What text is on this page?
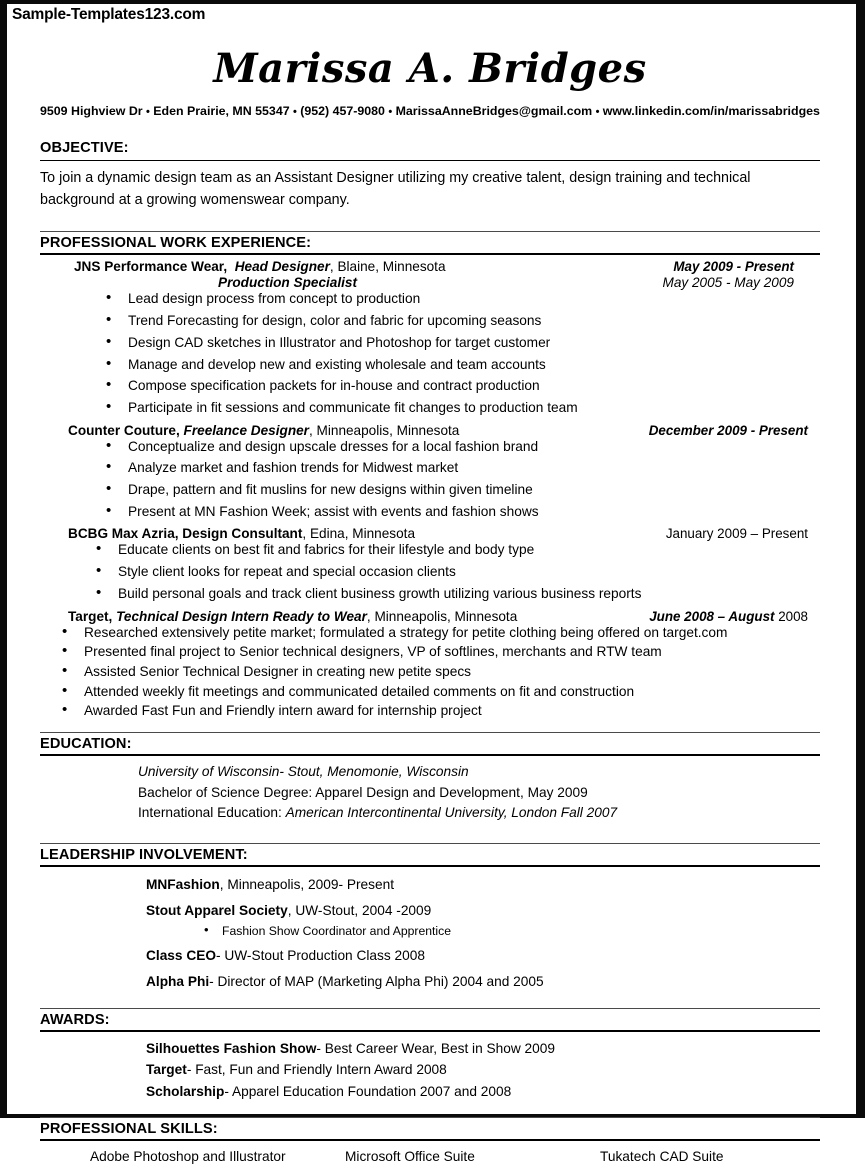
Sample-Templates123.com
Marissa A. Bridges
9509 Highview Dr • Eden Prairie, MN 55347 • (952) 457-9080 • MarissaAnneBridges@gmail.com • www.linkedin.com/in/marissabridges
OBJECTIVE:
To join a dynamic design team as an Assistant Designer utilizing my creative talent, design training and technical background at a growing womenswear company.
PROFESSIONAL WORK EXPERIENCE:
JNS Performance Wear, Head Designer, Blaine, Minnesota	May 2009 - Present
Production Specialist	May 2005 - May 2009
• Lead design process from concept to production
• Trend Forecasting for design, color and fabric for upcoming seasons
• Design CAD sketches in Illustrator and Photoshop for target customer
• Manage and develop new and existing wholesale and team accounts
• Compose specification packets for in-house and contract production
• Participate in fit sessions and communicate fit changes to production team
Counter Couture, Freelance Designer, Minneapolis, Minnesota	December 2009 - Present
• Conceptualize and design upscale dresses for a local fashion brand
• Analyze market and fashion trends for Midwest market
• Drape, pattern and fit muslins for new designs within given timeline
• Present at MN Fashion Week; assist with events and fashion shows
BCBG Max Azria, Design Consultant, Edina, Minnesota	January 2009 – Present
• Educate clients on best fit and fabrics for their lifestyle and body type
• Style client looks for repeat and special occasion clients
• Build personal goals and track client business growth utilizing various business reports
Target, Technical Design Intern Ready to Wear, Minneapolis, Minnesota	June 2008 – August 2008
• Researched extensively petite market; formulated a strategy for petite clothing being offered on target.com
• Presented final project to Senior technical designers, VP of softlines, merchants and RTW team
• Assisted Senior Technical Designer in creating new petite specs
• Attended weekly fit meetings and communicated detailed comments on fit and construction
• Awarded Fast Fun and Friendly intern award for internship project
EDUCATION:
University of Wisconsin- Stout, Menomonie, Wisconsin
Bachelor of Science Degree: Apparel Design and Development, May 2009
International Education: American Intercontinental University, London Fall 2007
LEADERSHIP INVOLVEMENT:
MNFashion, Minneapolis, 2009- Present
Stout Apparel Society, UW-Stout, 2004 -2009
• Fashion Show Coordinator and Apprentice
Class CEO- UW-Stout Production Class 2008
Alpha Phi- Director of MAP (Marketing Alpha Phi) 2004 and 2005
AWARDS:
Silhouettes Fashion Show- Best Career Wear, Best in Show 2009
Target- Fast, Fun and Friendly Intern Award 2008
Scholarship- Apparel Education Foundation 2007 and 2008
PROFESSIONAL SKILLS:
Adobe Photoshop and Illustrator	Microsoft Office Suite	Tukatech CAD Suite
